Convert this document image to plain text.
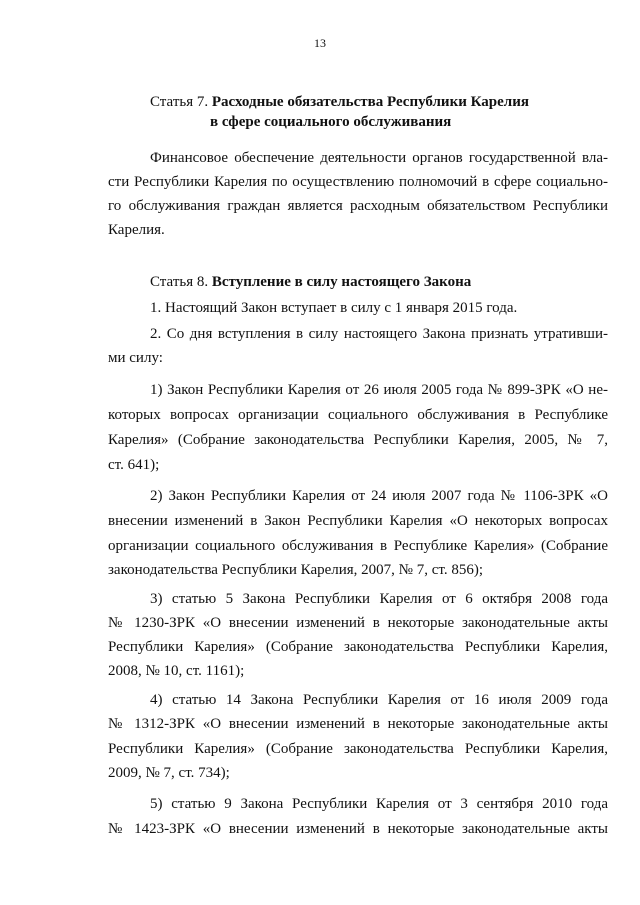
13
Статья 7. Расходные обязательства Республики Карелия
в сфере социального обслуживания
Финансовое обеспечение деятельности органов государственной вла-
сти Республики Карелия по осуществлению полномочий в сфере социально-
го обслуживания граждан является расходным обязательством Республики
Карелия.
Статья 8. Вступление в силу настоящего Закона
1. Настоящий Закон вступает в силу с 1 января 2015 года.
2. Со дня вступления в силу настоящего Закона признать утративши-
ми силу:
1) Закон Республики Карелия от 26 июля 2005 года № 899-ЗРК «О не-
которых вопросах организации социального обслуживания в Республике
Карелия» (Собрание законодательства Республики Карелия, 2005, № 7,
ст. 641);
2) Закон Республики Карелия от 24 июля 2007 года № 1106-ЗРК «О
внесении изменений в Закон Республики Карелия «О некоторых вопросах
организации социального обслуживания в Республике Карелия» (Собрание
законодательства Республики Карелия, 2007, № 7, ст. 856);
3) статью 5 Закона Республики Карелия от 6 октября 2008 года
№ 1230-ЗРК «О внесении изменений в некоторые законодательные акты
Республики Карелия» (Собрание законодательства Республики Карелия,
2008, № 10, ст. 1161);
4) статью 14 Закона Республики Карелия от 16 июля 2009 года
№ 1312-ЗРК «О внесении изменений в некоторые законодательные акты
Республики Карелия» (Собрание законодательства Республики Карелия,
2009, № 7, ст. 734);
5) статью 9 Закона Республики Карелия от 3 сентября 2010 года
№ 1423-ЗРК «О внесении изменений в некоторые законодательные акты
